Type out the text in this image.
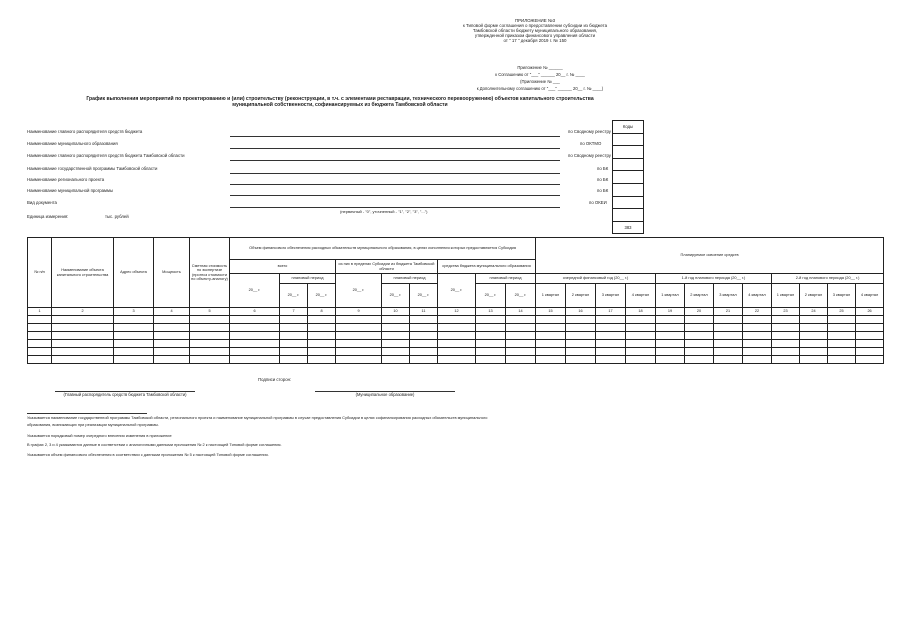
ПРИЛОЖЕНИЕ №3
к Типовой форме соглашения о предоставлении субсидии из бюджета
Тамбовской области бюджету муниципального образования,
утвержденной приказом финансового управления области
от " 17 " декабря 2019 г. № 150
Приложение № ______
к Соглашению от "___" ______ 20__ г. № ____
(Приложение № ___
к Дополнительному соглашению от "___" ______ 20__ г. № ____)
График выполнения мероприятий по проектированию и (или) строительству (реконструкции, в т.ч. с элементами реставрации, технического перевооружению) объектов капитального строительства
муниципальной собственности, софинансируемых из бюджета Тамбовской области
Коды
383
Наименование главного распорядителя средств бюджета	по Сводному реестру
Наименование муниципального образования	по ОКТМО
Наименование главного распорядителя средств бюджета Тамбовской области	по Сводному реестру
Наименование государственной программы Тамбовской области	по БК
Наименование регионального проекта	по БК
Наименование муниципальной программы	по БК
Вид документа	по ОКЕИ
(первичный - "0", уточненный - "1", "2", "3", "...")
Единица измерения:	тыс. рублей
№ п/п	Наименование объекта капитального строительства	Адрес объекта	Мощность	Сметная стоимость по экспертизе (прогноз стоимости по объекту-аналогу)	Объем финансового обеспечения расходных обязательств муниципального образования, в целях исполнения которых предоставляется Субсидия									Планируемое освоение средств											
					всего			из них в пределах Субсидии из бюджета Тамбовской области			средства бюджета муниципального образования														
					20__ г.	плановый период		20__ г.	плановый период		20__ г.	плановый период		очередной финансовый год (20__ г.)				1-й год планового периода (20__ г.)				2-й год планового периода (20__ г.)			
						20__ г.	20__ г.		20__ г.	20__ г.		20__ г.	20__ г.	1 квартал	2 квартал	3 квартал	4 квартал	1 квартал	2 квартал	3 квартал	4 квартал	1 квартал	2 квартал	3 квартал	4 квартал
1	2	3	4	5	6	7	8	9	10	11	12	13	14	15	16	17	18	19	20	21	22	23	24	25	26

Подписи сторон:
(Главный распорядитель средств бюджета Тамбовской области)	(Муниципальное образование)
Указывается наименование государственной программы Тамбовской области, регионального проекта и наименование муниципальной программы в случае предоставления Субсидии в целях софинансирования расходных обязательств муниципального
образования, возникающих при реализации муниципальной программы.
Указывается порядковый номер очередного внесения изменения в приложение
В графах 2, 3 и 4 указываются данные в соответствии с аналогичными данными приложения № 2 к настоящей Типовой форме соглашения.
Указывается объем финансового обеспечения в соответствии с данными приложения № 5 к настоящей Типовой форме соглашения.
